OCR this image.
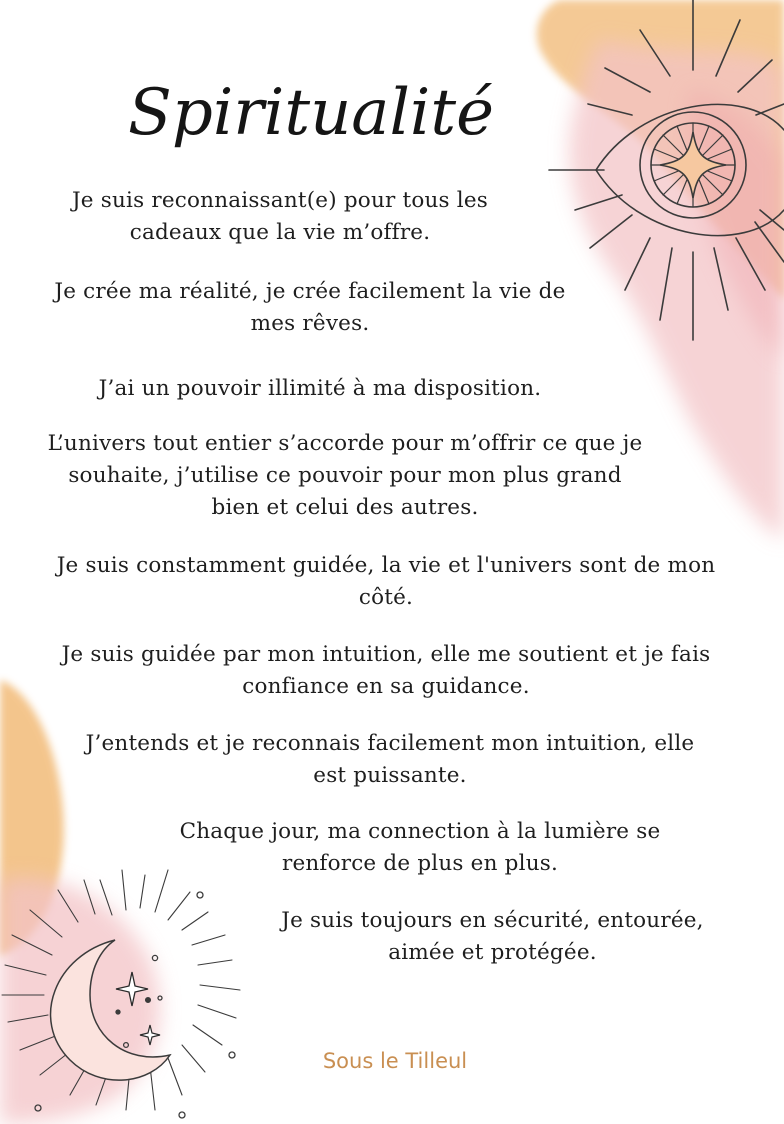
Spiritualité

Je suis reconnaissant(e) pour tous les
cadeaux que la vie m’offre.

Je crée ma réalité, je crée facilement la vie de
mes rêves.

J’ai un pouvoir illimité à ma disposition.

L’univers tout entier s’accorde pour m’offrir ce que je
souhaite, j’utilise ce pouvoir pour mon plus grand
bien et celui des autres.

Je suis constamment guidée, la vie et l'univers sont de mon
côté.

Je suis guidée par mon intuition, elle me soutient et je fais
confiance en sa guidance.

J’entends et je reconnais facilement mon intuition, elle
est puissante.

Chaque jour, ma connection à la lumière se
renforce de plus en plus.

Je suis toujours en sécurité, entourée,
aimée et protégée.

Sous le Tilleul
